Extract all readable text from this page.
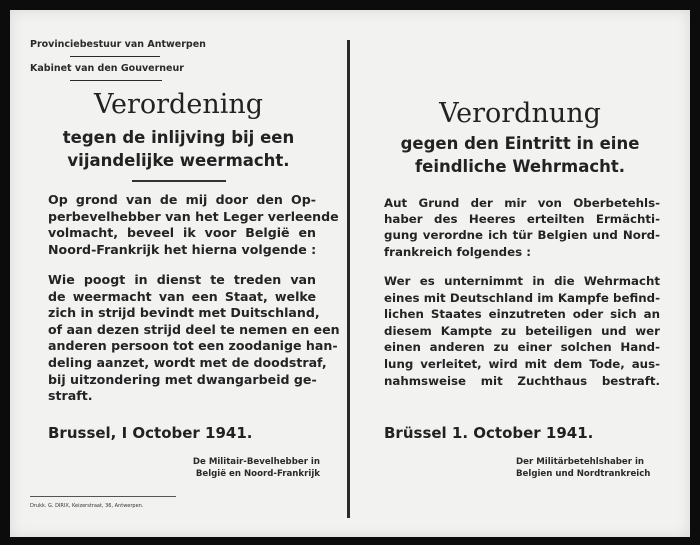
Provinciebestuur van Antwerpen
Kabinet van den Gouverneur
Verordening
tegen de inlijving bij een
vijandelijke weermacht.
Op grond van de mij door den Op-
perbevelhebber van het Leger verleende
volmacht, beveel ik voor België en
Noord-Frankrijk het hierna volgende :
Wie poogt in dienst te treden van
de weermacht van een Staat, welke
zich in strijd bevindt met Duitschland,
of aan dezen strijd deel te nemen en een
anderen persoon tot een zoodanige han-
deling aanzet, wordt met de doodstraf,
bij uitzondering met dwangarbeid ge-
straft.
Brussel, I October 1941.
De Militair-Bevelhebber in
België en Noord-Frankrijk
Drukk. G. DIRIX, Keizerstraat, 36, Antwerpen.
Verordnung
gegen den Eintritt in eine
feindliche Wehrmacht.
Aut Grund der mir von Oberbetehls-
haber des Heeres erteilten Ermächti-
gung verordne ich tür Belgien und Nord-
frankreich folgendes :
Wer es unternimmt in die Wehrmacht
eines mit Deutschland im Kampfe befind-
lichen Staates einzutreten oder sich an
diesem Kampte zu beteiligen und wer
einen anderen zu einer solchen Hand-
lung verleitet, wird mit dem Tode, aus-
nahmsweise mit Zuchthaus bestraft.
Brüssel 1. October 1941.
Der Militärbetehlshaber in
Belgien und Nordtrankreich
